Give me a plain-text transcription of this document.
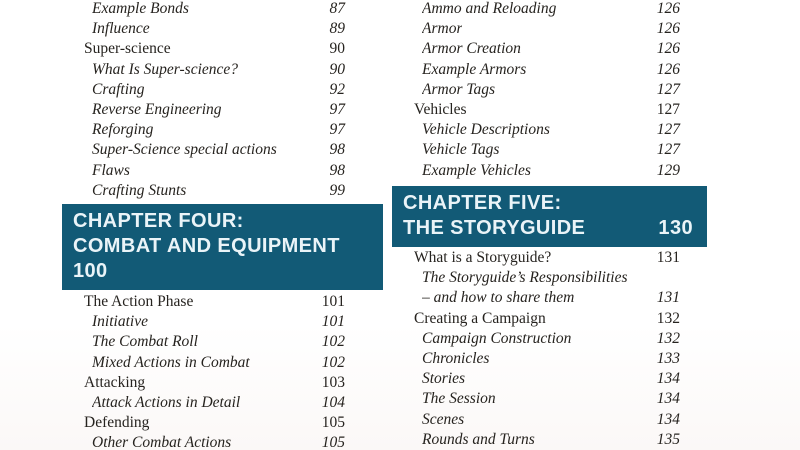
Example Bonds	87
Influence	89
Super-science	90
What Is Super-science?	90
Crafting	92
Reverse Engineering	97
Reforging	97
Super-Science special actions	98
Flaws	98
Crafting Stunts	99
CHAPTER FOUR:
COMBAT AND EQUIPMENT
100
The Action Phase	101
Initiative	101
The Combat Roll	102
Mixed Actions in Combat	102
Attacking	103
Attack Actions in Detail	104
Defending	105
Other Combat Actions	105
Ammo and Reloading	126
Armor	126
Armor Creation	126
Example Armors	126
Armor Tags	127
Vehicles	127
Vehicle Descriptions	127
Vehicle Tags	127
Example Vehicles	129
CHAPTER FIVE:
THE STORYGUIDE	130
What is a Storyguide?	131
The Storyguide’s Responsibilities
– and how to share them	131
Creating a Campaign	132
Campaign Construction	132
Chronicles	133
Stories	134
The Session	134
Scenes	134
Rounds and Turns	135
